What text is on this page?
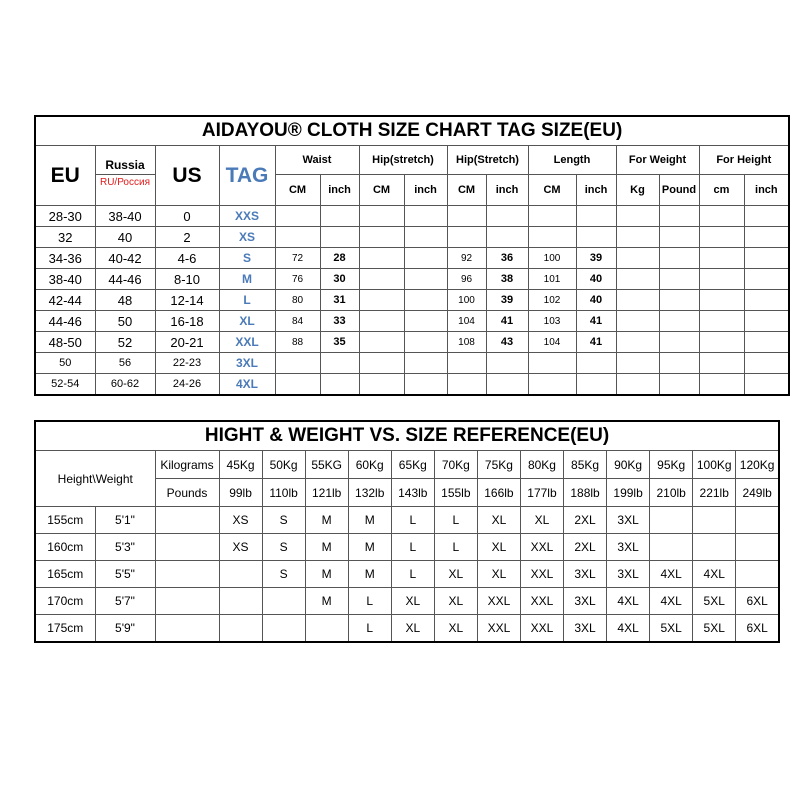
AIDAYOU® CLOTH SIZE CHART TAG SIZE(EU)															
EU	Russia	US	TAG	Waist		Hip(stretch)		Hip(Stretch)		Length		For Weight		For Height	
	RU/Россия			CM	inch	CM	inch	CM	inch	CM	inch	Kg	Pound	cm	inch
28-30	38-40	0	XXS												
32	40	2	XS												
34-36	40-42	4-6	S	72	28			92	36	100	39				
38-40	44-46	8-10	M	76	30			96	38	101	40				
42-44	48	12-14	L	80	31			100	39	102	40				
44-46	50	16-18	XL	84	33			104	41	103	41				
48-50	52	20-21	XXL	88	35			108	43	104	41				
50	56	22-23	3XL												
52-54	60-62	24-26	4XL												
HIGHT & WEIGHT VS. SIZE REFERENCE(EU)															
Height\Weight		Kilograms	45Kg	50Kg	55KG	60Kg	65Kg	70Kg	75Kg	80Kg	85Kg	90Kg	95Kg	100Kg	120Kg
		Pounds	99lb	110lb	121lb	132lb	143lb	155lb	166lb	177lb	188lb	199lb	210lb	221lb	249lb
155cm	5'1"		XS	S	M	M	L	L	XL	XL	2XL	3XL			
160cm	5'3"		XS	S	M	M	L	L	XL	XXL	2XL	3XL			
165cm	5'5"			S	M	M	L	XL	XL	XXL	3XL	3XL	4XL	4XL	
170cm	5'7"				M	L	XL	XL	XXL	XXL	3XL	4XL	4XL	5XL	6XL
175cm	5'9"					L	XL	XL	XXL	XXL	3XL	4XL	5XL	5XL	6XL
